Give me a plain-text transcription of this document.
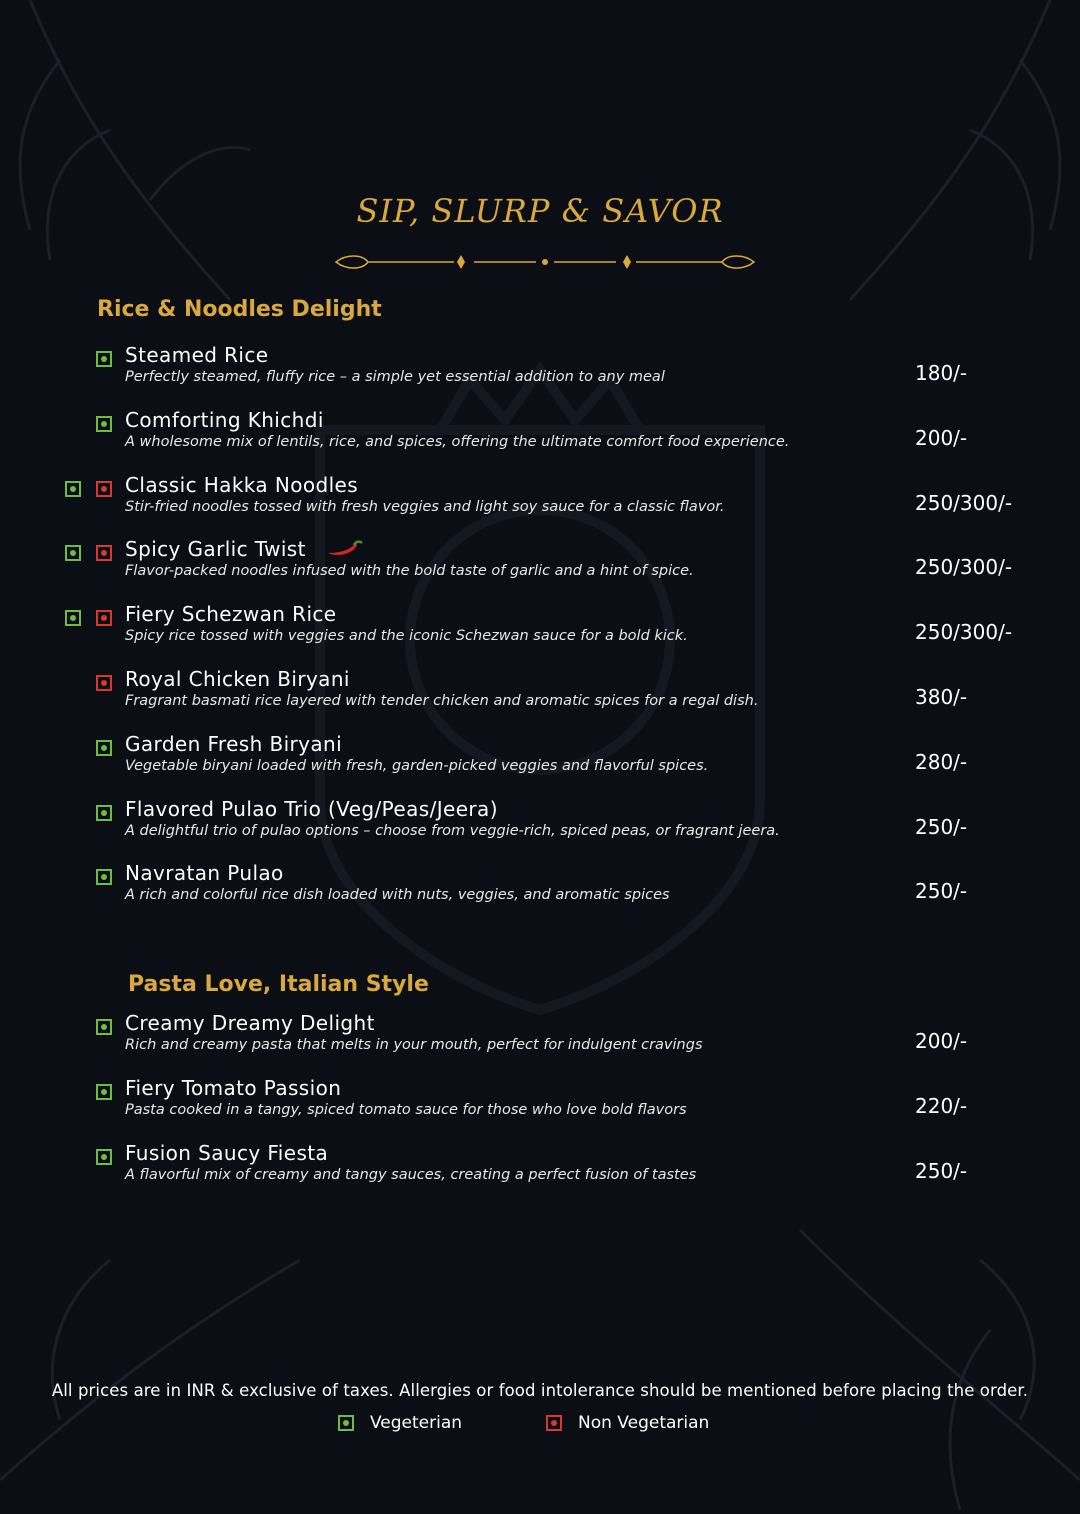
SIP, SLURP & SAVOR
Rice & Noodles Delight
Steamed Rice
Perfectly steamed, fluffy rice – a simple yet essential addition to any meal	180/-
Comforting Khichdi
A wholesome mix of lentils, rice, and spices, offering the ultimate comfort food experience.	200/-
Classic Hakka Noodles
Stir-fried noodles tossed with fresh veggies and light soy sauce for a classic flavor.	250/300/-
Spicy Garlic Twist
Flavor-packed noodles infused with the bold taste of garlic and a hint of spice.	250/300/-
Fiery Schezwan Rice
Spicy rice tossed with veggies and the iconic Schezwan sauce for a bold kick.	250/300/-
Royal Chicken Biryani
Fragrant basmati rice layered with tender chicken and aromatic spices for a regal dish.	380/-
Garden Fresh Biryani
Vegetable biryani loaded with fresh, garden-picked veggies and flavorful spices.	280/-
Flavored Pulao Trio (Veg/Peas/Jeera)
A delightful trio of pulao options – choose from veggie-rich, spiced peas, or fragrant jeera.	250/-
Navratan Pulao
A rich and colorful rice dish loaded with nuts, veggies, and aromatic spices	250/-
Pasta Love, Italian Style
Creamy Dreamy Delight
Rich and creamy pasta that melts in your mouth, perfect for indulgent cravings	200/-
Fiery Tomato Passion
Pasta cooked in a tangy, spiced tomato sauce for those who love bold flavors	220/-
Fusion Saucy Fiesta
A flavorful mix of creamy and tangy sauces, creating a perfect fusion of tastes	250/-
All prices are in INR & exclusive of taxes. Allergies or food intolerance should be mentioned before placing the order.
Vegeterian	Non Vegetarian
